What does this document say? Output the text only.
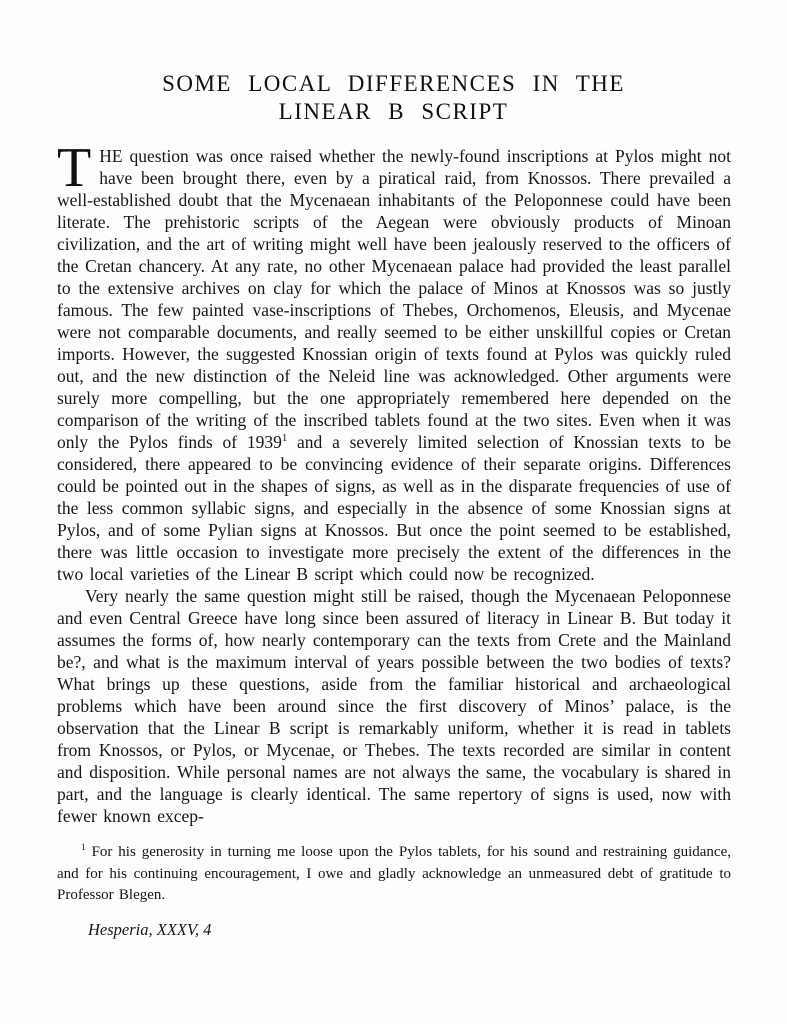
SOME LOCAL DIFFERENCES IN THE
LINEAR B SCRIPT

THE question was once raised whether the newly-found inscriptions at Pylos might not have been brought there, even by a piratical raid, from Knossos. There prevailed a well-established doubt that the Mycenaean inhabitants of the Peloponnese could have been literate. The prehistoric scripts of the Aegean were obviously products of Minoan civilization, and the art of writing might well have been jealously reserved to the officers of the Cretan chancery. At any rate, no other Mycenaean palace had provided the least parallel to the extensive archives on clay for which the palace of Minos at Knossos was so justly famous. The few painted vase-inscriptions of Thebes, Orchomenos, Eleusis, and Mycenae were not comparable documents, and really seemed to be either unskillful copies or Cretan imports. However, the suggested Knossian origin of texts found at Pylos was quickly ruled out, and the new distinction of the Neleid line was acknowledged. Other arguments were surely more compelling, but the one appropriately remembered here depended on the comparison of the writing of the inscribed tablets found at the two sites. Even when it was only the Pylos finds of 1939$^1$ and a severely limited selection of Knossian texts to be considered, there appeared to be convincing evidence of their separate origins. Differences could be pointed out in the shapes of signs, as well as in the disparate frequencies of use of the less common syllabic signs, and especially in the absence of some Knossian signs at Pylos, and of some Pylian signs at Knossos. But once the point seemed to be established, there was little occasion to investigate more precisely the extent of the differences in the two local varieties of the Linear B script which could now be recognized.

Very nearly the same question might still be raised, though the Mycenaean Peloponnese and even Central Greece have long since been assured of literacy in Linear B. But today it assumes the forms of, how nearly contemporary can the texts from Crete and the Mainland be?, and what is the maximum interval of years possible between the two bodies of texts? What brings up these questions, aside from the familiar historical and archaeological problems which have been around since the first discovery of Minos’ palace, is the observation that the Linear B script is remarkably uniform, whether it is read in tablets from Knossos, or Pylos, or Mycenae, or Thebes. The texts recorded are similar in content and disposition. While personal names are not always the same, the vocabulary is shared in part, and the language is clearly identical. The same repertory of signs is used, now with fewer known excep-

$^1$ For his generosity in turning me loose upon the Pylos tablets, for his sound and restraining guidance, and for his continuing encouragement, I owe and gladly acknowledge an unmeasured debt of gratitude to Professor Blegen.
Hesperia, XXXV, 4
